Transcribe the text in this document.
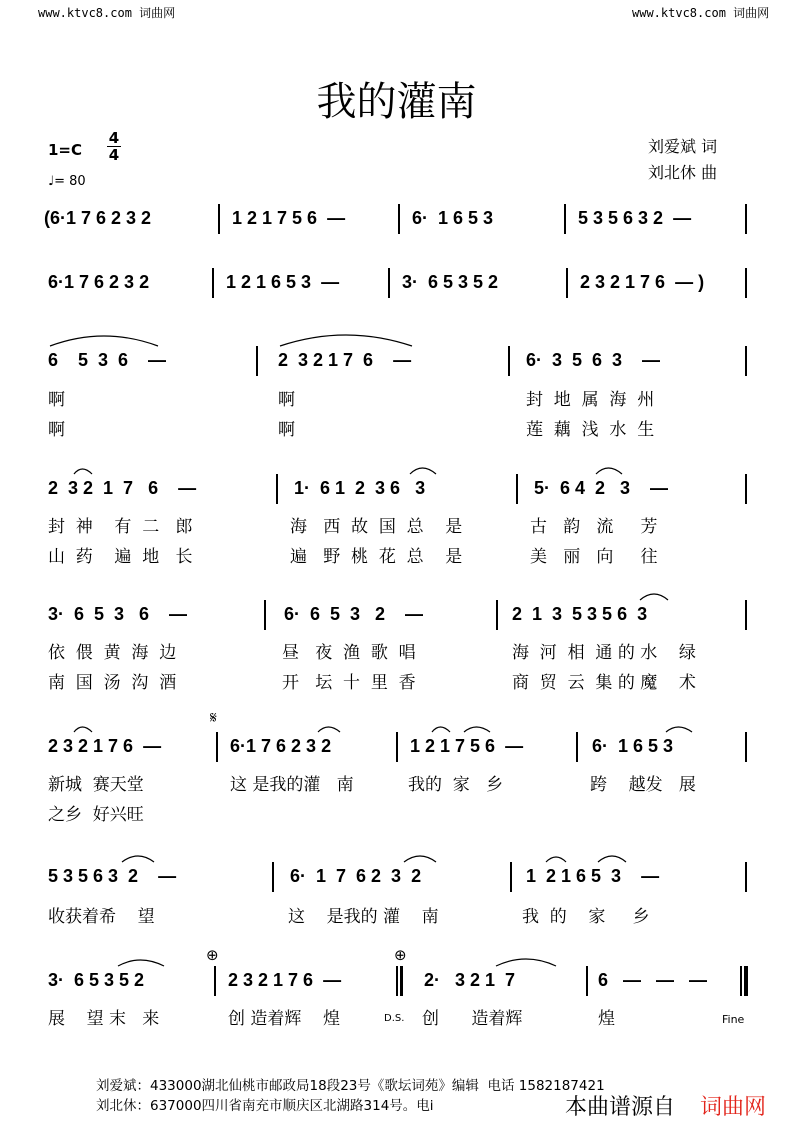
www.ktvc8.com 词曲网	www.ktvc8.com 词曲网
我的灌南
1=C
4
4
♩= 80
刘爱斌 词
刘北休 曲
(6·1 7 6 2 3 2	1 2 1 7 5 6  —	6·  1 6 5 3	5 3 5 6 3 2  —
6·1 7 6 2 3 2	1 2 1 6 5 3  —	3·  6 5 3 5 2	2 3 2 1 7 6  — )
6    5  3  6    —	2  3 2 1 7  6    —	6·  3  5  6  3    —
啊	啊	封  地  属  海  州
啊	啊	莲  藕  浅  水  生
2  3 2  1  7   6    —	1·  6 1  2  3 6   3	5·  6 4  2   3    —
封  神    有  二   郎	海   西  故  国  总    是	古   韵   流     芳
山  药    遍  地   长	遍   野  桃  花  总    是	美   丽   向     往
3·  6  5  3   6    —	6·  6  5  3   2    —	2  1  3  5 3 5 6  3
依  偎  黄  海  边	昼   夜  渔  歌  唱	海  河  相  通 的 水    绿
南  国  汤  沟  酒	开   坛  十  里  香	商  贸  云  集 的 魔    术
𝄋
2 3 2 1 7 6  —	6·1 7 6 2 3 2	1 2 1 7 5 6  —	6·  1 6 5 3
新城  赛天堂	这 是我的灌   南	我的  家   乡	跨    越发   展
之乡  好兴旺
5 3 5 6 3  2    —	6·  1  7  6 2  3  2	1  2 1 6 5  3    —
收获着希    望	这    是我的 灌    南	我  的    家     乡
⊕	⊕
3·  6 5 3 5 2	2 3 2 1 7 6  —	2·   3 2 1  7	6   —   —   —
展    望 末   来	创 造着辉    煌	D.S. 创      造着辉	煌	Fine
刘爱斌：433000湖北仙桃市邮政局18段23号《歌坛词苑》编辑  电话 1582187421
刘北休：637000四川省南充市顺庆区北湖路314号。电i	本曲谱源自 词曲网
